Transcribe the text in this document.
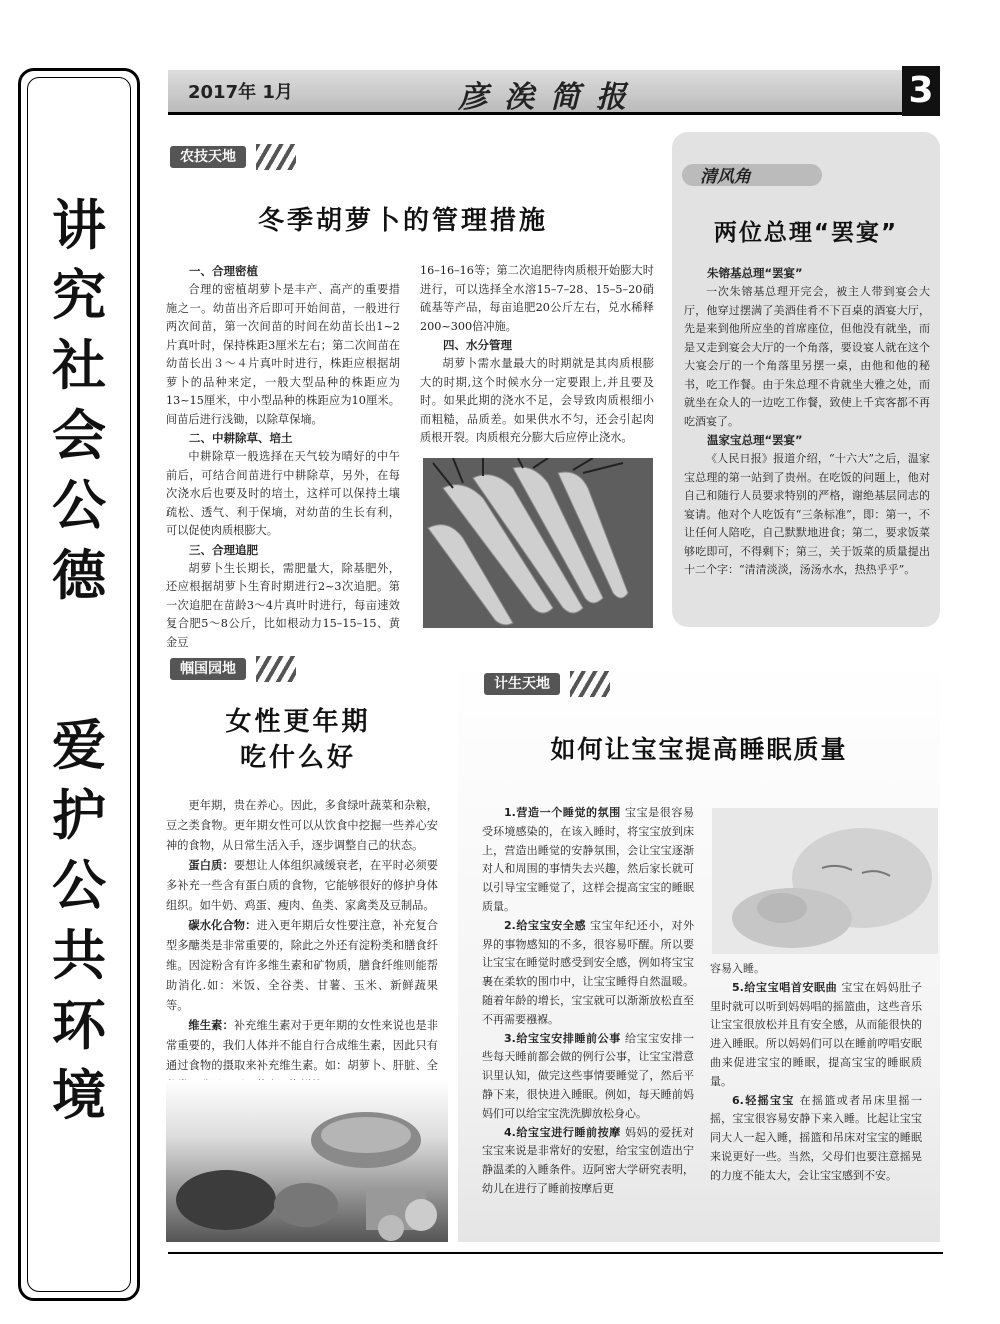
讲
究
社
会
公
德
爱
护
公
共
环
境
2017年 1月	彦涘简报	3
农技天地
冬季胡萝卜的管理措施
一、合理密植

合理的密植胡萝卜是丰产、高产的重要措施之一。幼苗出齐后即可开始间苗，一般进行两次间苗，第一次间苗的时间在幼苗长出1~2片真叶时，保持株距3厘米左右；第二次间苗在幼苗长出３～４片真叶时进行，株距应根据胡萝卜的品种来定，一般大型品种的株距应为13~15厘米，中小型品种的株距应为10厘米。间苗后进行浅锄，以除草保墒。

二、中耕除草、培土

中耕除草一般选择在天气较为晴好的中午前后，可结合间苗进行中耕除草，另外，在每次浇水后也要及时的培土，这样可以保持土壤疏松、透气、利于保墒，对幼苗的生长有利，可以促使肉质根膨大。

三、合理追肥

胡萝卜生长期长，需肥量大，除基肥外，还应根据胡萝卜生育时期进行2~3次追肥。第一次追肥在苗龄3～4片真叶时进行，每亩速效复合肥5～8公斤，比如根动力15–15–15、黄金豆

16–16–16等；第二次追肥待肉质根开始膨大时进行，可以选择全水溶15–7–28、15–5–20硝硫基等产品，每亩追肥20公斤左右，兑水稀释200~300倍冲施。

四、水分管理

胡萝卜需水量最大的时期就是其肉质根膨大的时期,这个时候水分一定要跟上,并且要及时。如果此期的浇水不足，会导致肉质根细小而粗糙，品质差。如果供水不匀，还会引起肉质根开裂。肉质根充分膨大后应停止浇水。

清风角
两位总理“罢宴”
朱镕基总理“罢宴”

一次朱镕基总理开完会，被主人带到宴会大厅，他穿过摆满了美酒佳肴不下百桌的酒宴大厅，先是来到他所应坐的首席座位，但他没有就坐，而是又走到宴会大厅的一个角落，要设宴人就在这个大宴会厅的一个角落里另摆一桌，由他和他的秘书，吃工作餐。由于朱总理不肯就坐大雅之处，而就坐在众人的一边吃工作餐，致使上千宾客都不再吃酒宴了。

温家宝总理“罢宴”

《人民日报》报道介绍，“十六大”之后，温家宝总理的第一站到了贵州。在吃饭的问题上，他对自己和随行人员要求特别的严格，谢绝基层同志的宴请。他对个人吃饭有“三条标准”，即：第一，不让任何人陪吃，自己默默地进食；第二，要求饭菜够吃即可，不得剩下；第三，关于饭菜的质量提出十二个字：“清清淡淡，汤汤水水，热热乎乎”。

帼国园地
女性更年期
吃什么好

更年期，贵在养心。因此，多食绿叶蔬菜和杂粮，豆之类食物。更年期女性可以从饮食中挖掘一些养心安神的食物，从日常生活入手，逐步调整自己的状态。

蛋白质：要想让人体组织减缓衰老，在平时必须要多补充一些含有蛋白质的食物，它能够很好的修护身体组织。如牛奶、鸡蛋、瘦肉、鱼类、家禽类及豆制品。

碳水化合物：进入更年期后女性要注意，补充复合型多醣类是非常重要的，除此之外还有淀粉类和膳食纤维。因淀粉含有许多维生素和矿物质，膳食纤维则能帮助消化.如：米饭、全谷类、甘薯、玉米、新鲜蔬果等。

维生素：补充维生素对于更年期的女性来说也是非常重要的，我们人体并不能自行合成维生素，因此只有通过食物的摄取来补充维生素。如：胡萝卜、肝脏、全

计生天地
如何让宝宝提高睡眠质量

1.营造一个睡觉的氛围 宝宝是很容易受环境感染的，在该入睡时，将宝宝放到床上，营造出睡觉的安静氛围，会让宝宝逐渐对人和周围的事情失去兴趣，然后家长就可以引导宝宝睡觉了，这样会提高宝宝的睡眠质量。

2.给宝宝安全感 宝宝年纪还小，对外界的事物感知的不多，很容易吓醒。所以要让宝宝在睡觉时感受到安全感，例如将宝宝裹在柔软的围巾中，让宝宝睡得自然温暖。随着年龄的增长，宝宝就可以渐渐放松直至不再需要襁褓。

3.给宝宝安排睡前公事 给宝宝安排一些每天睡前都会做的例行公事，让宝宝潜意识里认知，做完这些事情要睡觉了，然后平静下来，很快进入睡眠。例如，每天睡前妈妈们可以给宝宝洗洗脚放松身心。

4.给宝宝进行睡前按摩 妈妈的爱抚对宝宝来说是非常好的安慰，给宝宝创造出宁静温柔的入睡条件。迈阿密大学研究表明，幼儿在进行了睡前按摩后更

容易入睡。

5.给宝宝唱首安眠曲 宝宝在妈妈肚子里时就可以听到妈妈唱的摇篮曲，这些音乐让宝宝很放松并且有安全感，从而能很快的进入睡眠。所以妈妈们可以在睡前哼唱安眠曲来促进宝宝的睡眠，提高宝宝的睡眠质量。

6.轻摇宝宝 在摇篮或者吊床里摇一摇，宝宝很容易安静下来入睡。比起让宝宝同大人一起入睡，摇篮和吊床对宝宝的睡眠来说更好一些。当然，父母们也要注意摇晃的力度不能太大，会让宝宝感到不安。
